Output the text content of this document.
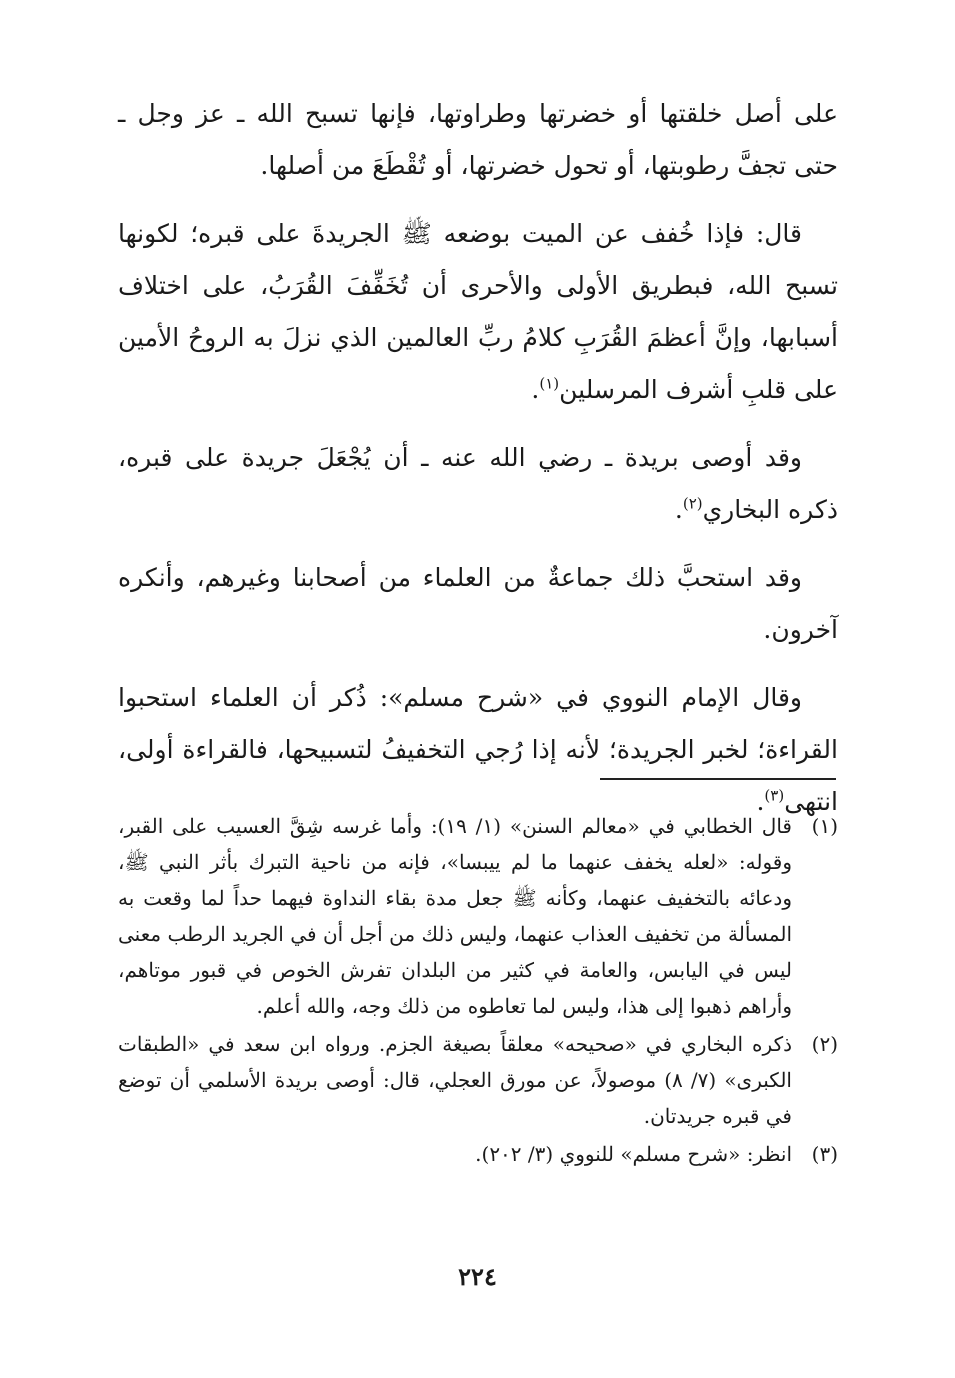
على أصل خلقتها أو خضرتها وطراوتها، فإنها تسبح الله ـ عز وجل ـ حتى تجفَّ رطوبتها، أو تحول خضرتها، أو تُقْطَعَ من أصلها.

قال: فإذا خُفف عن الميت بوضعه ﷺ الجريدةَ على قبره؛ لكونها تسبح الله، فبطريق الأولى والأحرى أن تُخَفِّفَ القُرَبُ، على اختلاف أسبابها، وإنَّ أعظمَ القُرَبِ كلامُ ربِّ العالمين الذي نزلَ به الروحُ الأمين على قلبِ أشرف المرسلين$^{(١)}$.

وقد أوصى بريدة ـ رضي الله عنه ـ أن يُجْعَلَ جريدة على قبره، ذكره البخاري$^{(٢)}$.

وقد استحبَّ ذلك جماعةٌ من العلماء من أصحابنا وغيرهم، وأنكره آخرون.

وقال الإمام النووي في «شرح مسلم»: ذُكر أن العلماء استحبوا القراءة؛ لخبر الجريدة؛ لأنه إذا رُجي التخفيفُ لتسبيحها، فالقراءة أولى، انتهى$^{(٣)}$.

(١)
قال الخطابي في «معالم السنن» (١/ ١٩): وأما غرسه شِقَّ العسيب على القبر، وقوله: «لعله يخفف عنهما ما لم ييبسا»، فإنه من ناحية التبرك بأثر النبي ﷺ، ودعائه بالتخفيف عنهما، وكأنه ﷺ جعل مدة بقاء النداوة فيهما حداً لما وقعت به المسألة من تخفيف العذاب عنهما، وليس ذلك من أجل أن في الجريد الرطب معنى ليس في اليابس، والعامة في كثير من البلدان تفرش الخوص في قبور موتاهم، وأراهم ذهبوا إلى هذا، وليس لما تعاطوه من ذلك وجه، والله أعلم.
(٢)
ذكره البخاري في «صحيحه» معلقاً بصيغة الجزم. ورواه ابن سعد في «الطبقات الكبرى» (٧/ ٨) موصولاً، عن مورق العجلي، قال: أوصى بريدة الأسلمي أن توضع في قبره جريدتان.
(٣)
انظر: «شرح مسلم» للنووي (٣/ ٢٠٢).
٢٢٤
